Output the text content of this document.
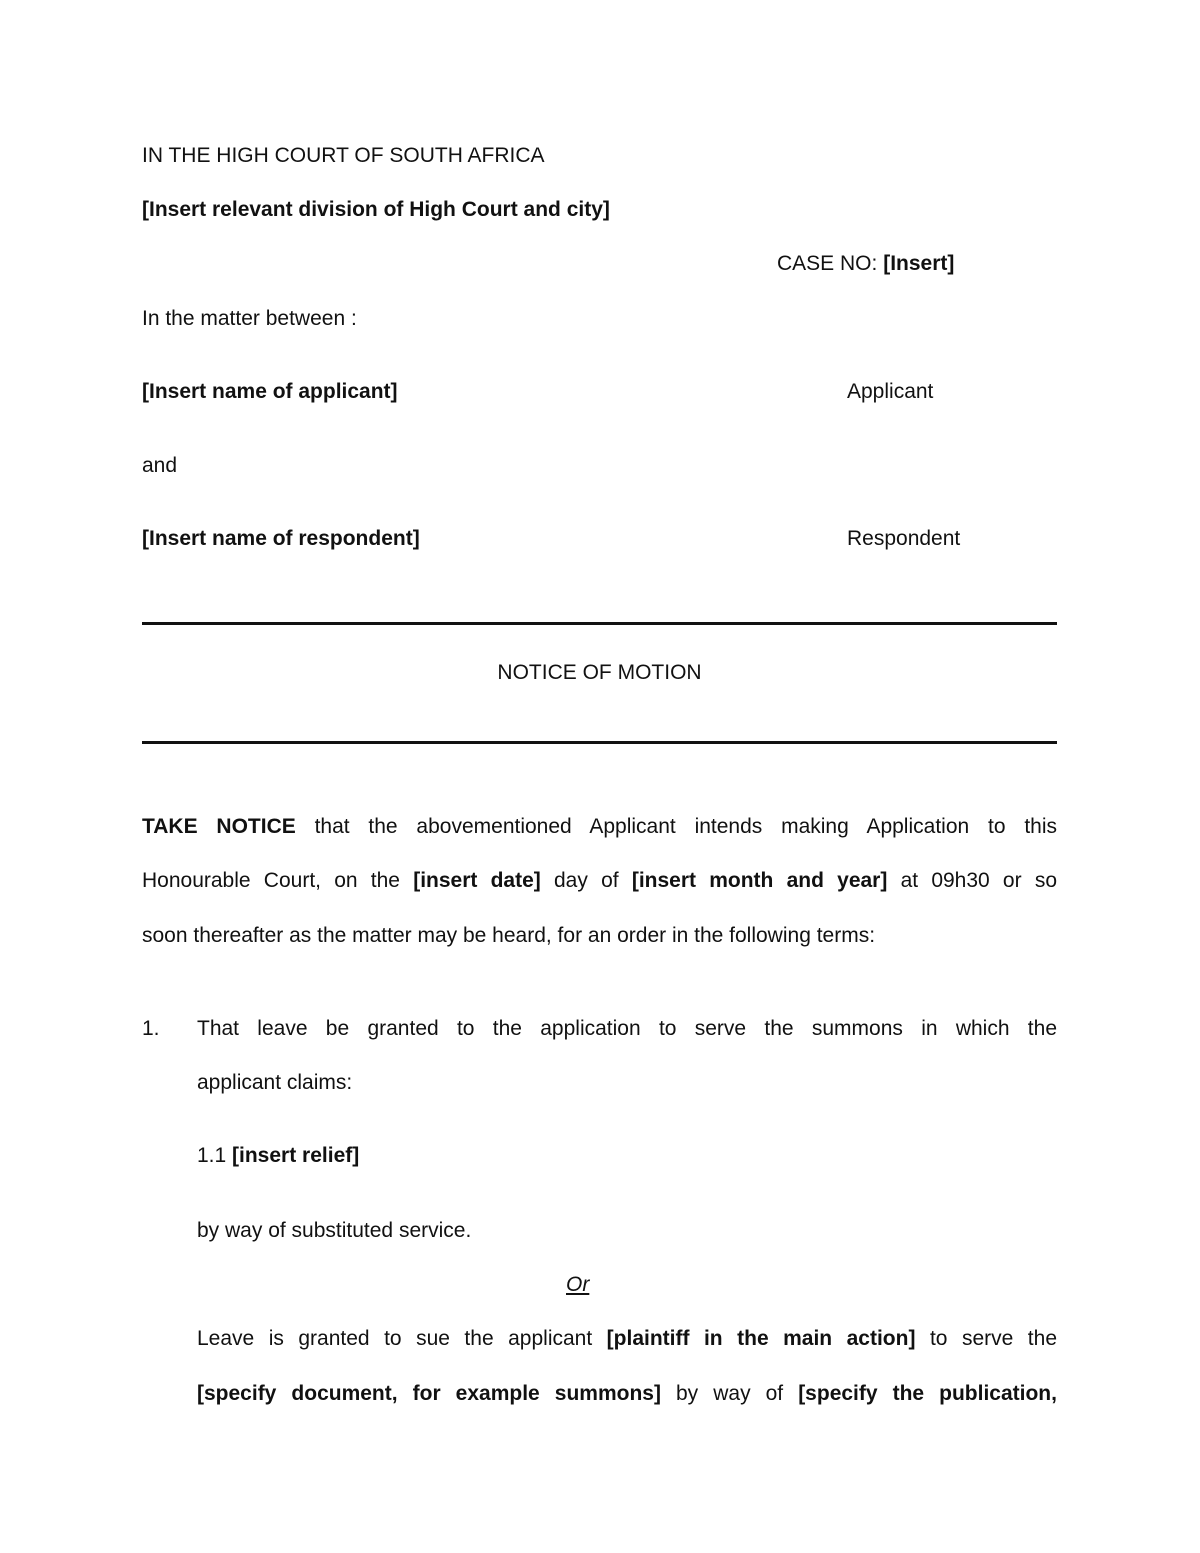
IN THE HIGH COURT OF SOUTH AFRICA
[Insert relevant division of High Court and city]
CASE NO: [Insert]
In the matter between :
[Insert name of applicant]	Applicant
and
[Insert name of respondent]	Respondent
NOTICE OF MOTION
TAKE NOTICE that the abovementioned Applicant intends making Application to this
Honourable Court, on the [insert date] day of [insert month and year] at 09h30 or so
soon thereafter as the matter may be heard, for an order in the following terms:
1. That leave be granted to the application to serve the summons in which the
applicant claims:
1.1 [insert relief]
by way of substituted service.
Or
Leave is granted to sue the applicant [plaintiff in the main action] to serve the
[specify document, for example summons] by way of [specify the publication,
